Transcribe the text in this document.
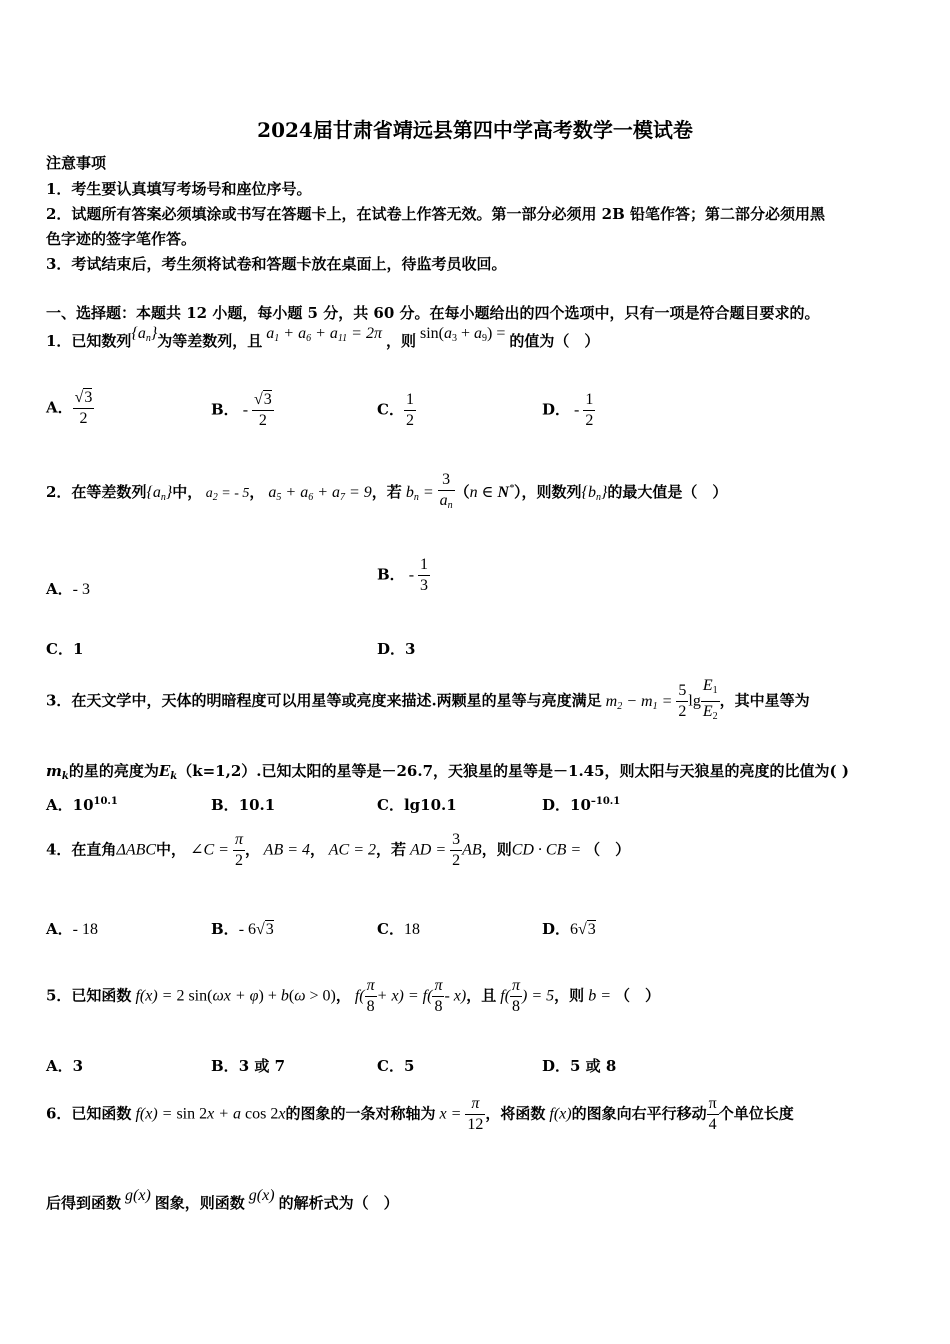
2024届甘肃省靖远县第四中学高考数学一模试卷
注意事项
1．考生要认真填写考场号和座位序号。
2．试题所有答案必须填涂或书写在答题卡上，在试卷上作答无效。第一部分必须用 2B 铅笔作答；第二部分必须用黑
色字迹的签字笔作答。
3．考试结束后，考生须将试卷和答题卡放在桌面上，待监考员收回。
一、选择题：本题共 12 小题，每小题 5 分，共 60 分。在每小题给出的四个选项中，只有一项是符合题目要求的。
1．已知数列$\{a_n\}$为等差数列，且 $a_1 + a_6 + a_{11} = 2\pi$ ，则 $\sin(a_3 + a_9)$ = 的值为（　）
A． $\frac{√3}{2}$	B． - $\frac{√3}{2}$	C． $\frac{1}{2}$	D． - $\frac{1}{2}$
2．在等差数列$\{a_n\}$中， $a_2$ = - 5， $a_5 + a_6 + a_7 = 9$，若 $b_n = \frac{3}{a_n} (n$ ∈ N*），则数列$\{b_n\}$的最大值是（　）
A．- 3
B． - $\frac{1}{3}$
C．1	D．3
3．在天文学中，天体的明暗程度可以用星等或亮度来描述.两颗星的星等与亮度满足 $m_2 - m_1 = \frac{5}{2}$ $\lg \frac{E_1}{E_2}$ ，其中星等为
$m_k$的星的亮度为$E_k(k=1,2)$.已知太阳的星等是－26.7，天狼星的星等是－1.45，则太阳与天狼星的亮度的比值为( )
A．$10^{10.1}$	B．10.1	C．lg10.1	D．$10^{-10.1}$
4．在直角ΔABC中， ∠C = $\frac{\pi}{2}$ ， AB = 4， AC = 2，若 AD = $\frac{3}{2}$ AB，则CD · CB = （　）
A．- 18	B．- 6√3	C．18	D．6√3
5．已知函数 f(x) = 2 sin(ωx + φ) + b(ω > 0)， $f( \frac{\pi}{8} + x) = f( \frac{\pi}{8} - x)$，且 $f( \frac{\pi}{8}$ ) = 5，则 b = （　）
A．3	B．3 或 7	C．5	D．5 或 8
6．已知函数 f(x) = sin 2x + a cos 2x的图象的一条对称轴为 $x = \frac{\pi}{12}$ ，将函数 f(x)的图象向右平行移动 $\frac{\pi}{4}$ 个单位长度
后得到函数 g(x) 图象，则函数 g(x) 的解析式为（　）
